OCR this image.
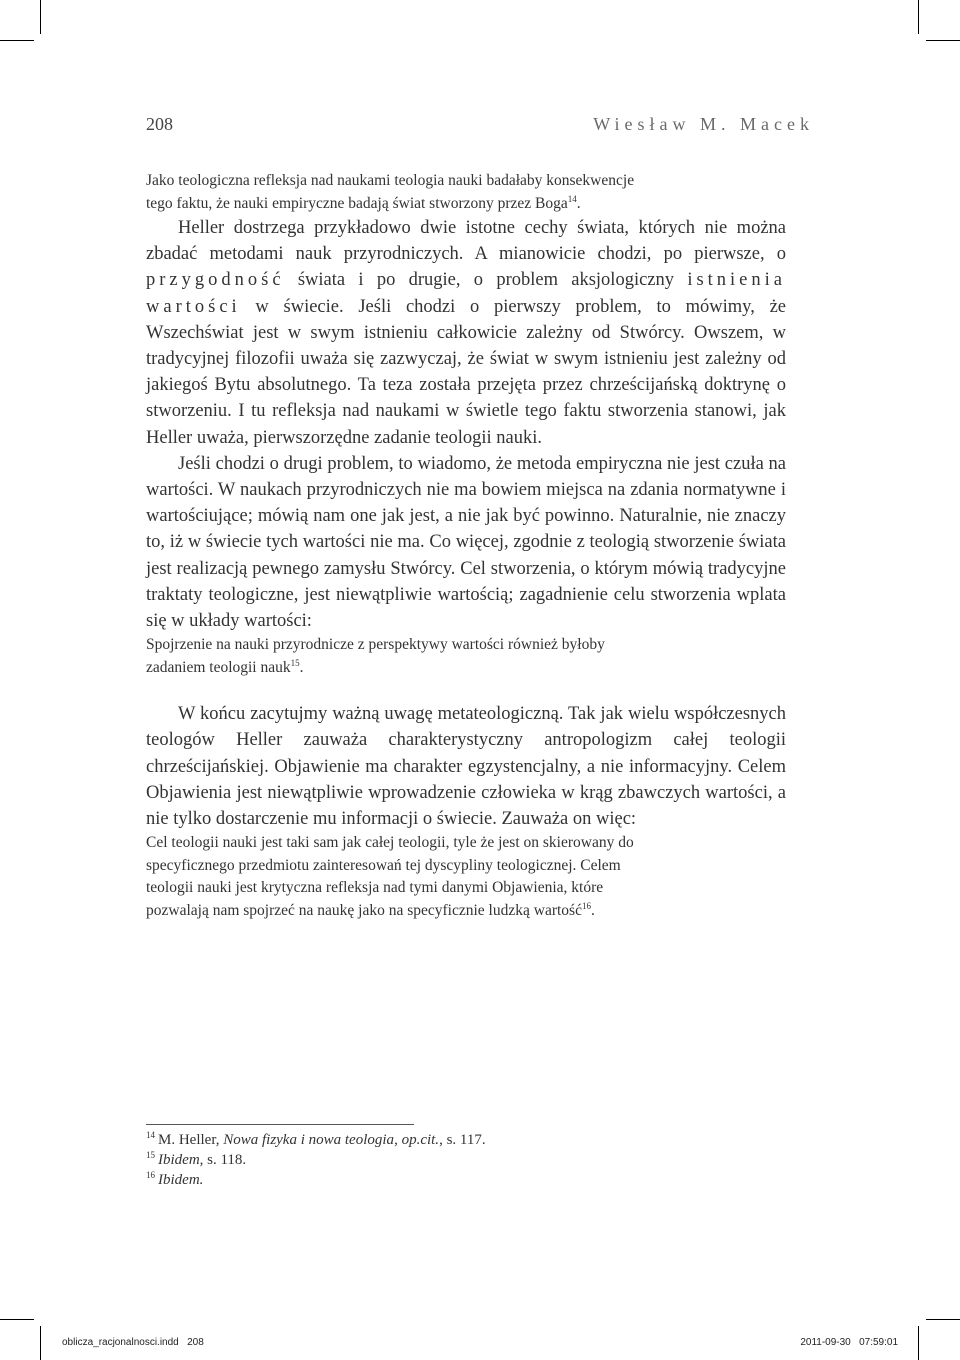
208	Wiesław M. Macek

Jako teologiczna refleksja nad naukami teologia nauki badałaby konsekwencje tego faktu, że nauki empiryczne badają świat stworzony przez Boga$^{14}$.

Heller dostrzega przykładowo dwie istotne cechy świata, których nie można zbadać metodami nauk przyrodniczych. A mianowicie chodzi, po pierwsze, o przygodność świata i po drugie, o problem aksjologiczny istnienia wartości w świecie. Jeśli chodzi o pierwszy problem, to mówimy, że Wszechświat jest w swym istnieniu całkowicie zależny od Stwórcy. Owszem, w tradycyjnej filozofii uważa się zazwyczaj, że świat w swym istnieniu jest zależny od jakiegoś Bytu absolutnego. Ta teza została przejęta przez chrześcijańską doktrynę o stworzeniu. I tu refleksja nad naukami w świetle tego faktu stworzenia stanowi, jak Heller uważa, pierwszorzędne zadanie teologii nauki.

Jeśli chodzi o drugi problem, to wiadomo, że metoda empiryczna nie jest czuła na wartości. W naukach przyrodniczych nie ma bowiem miejsca na zdania normatywne i wartościujące; mówią nam one jak jest, a nie jak być powinno. Naturalnie, nie znaczy to, iż w świecie tych wartości nie ma. Co więcej, zgodnie z teologią stworzenie świata jest realizacją pewnego zamysłu Stwórcy. Cel stworzenia, o którym mówią tradycyjne traktaty teologiczne, jest niewątpliwie wartością; zagadnienie celu stworzenia wplata się w układy wartości:

Spojrzenie na nauki przyrodnicze z perspektywy wartości również byłoby zadaniem teologii nauk$^{15}$.

W końcu zacytujmy ważną uwagę metateologiczną. Tak jak wielu współczesnych teologów Heller zauważa charakterystyczny antropologizm całej teologii chrześcijańskiej. Objawienie ma charakter egzystencjalny, a nie informacyjny. Celem Objawienia jest niewątpliwie wprowadzenie człowieka w krąg zbawczych wartości, a nie tylko dostarczenie mu informacji o świecie. Zauważa on więc:

Cel teologii nauki jest taki sam jak całej teologii, tyle że jest on skierowany do specyficznego przedmiotu zainteresowań tej dyscypliny teologicznej. Celem teologii nauki jest krytyczna refleksja nad tymi danymi Objawienia, które pozwalają nam spojrzeć na naukę jako na specyficznie ludzką wartość$^{16}$.

$^{14}$ M. Heller, Nowa fizyka i nowa teologia, op.cit., s. 117.
$^{15}$ Ibidem, s. 118.
$^{16}$ Ibidem.
oblicza_racjonalnosci.indd   208	2011-09-30   07:59:01
